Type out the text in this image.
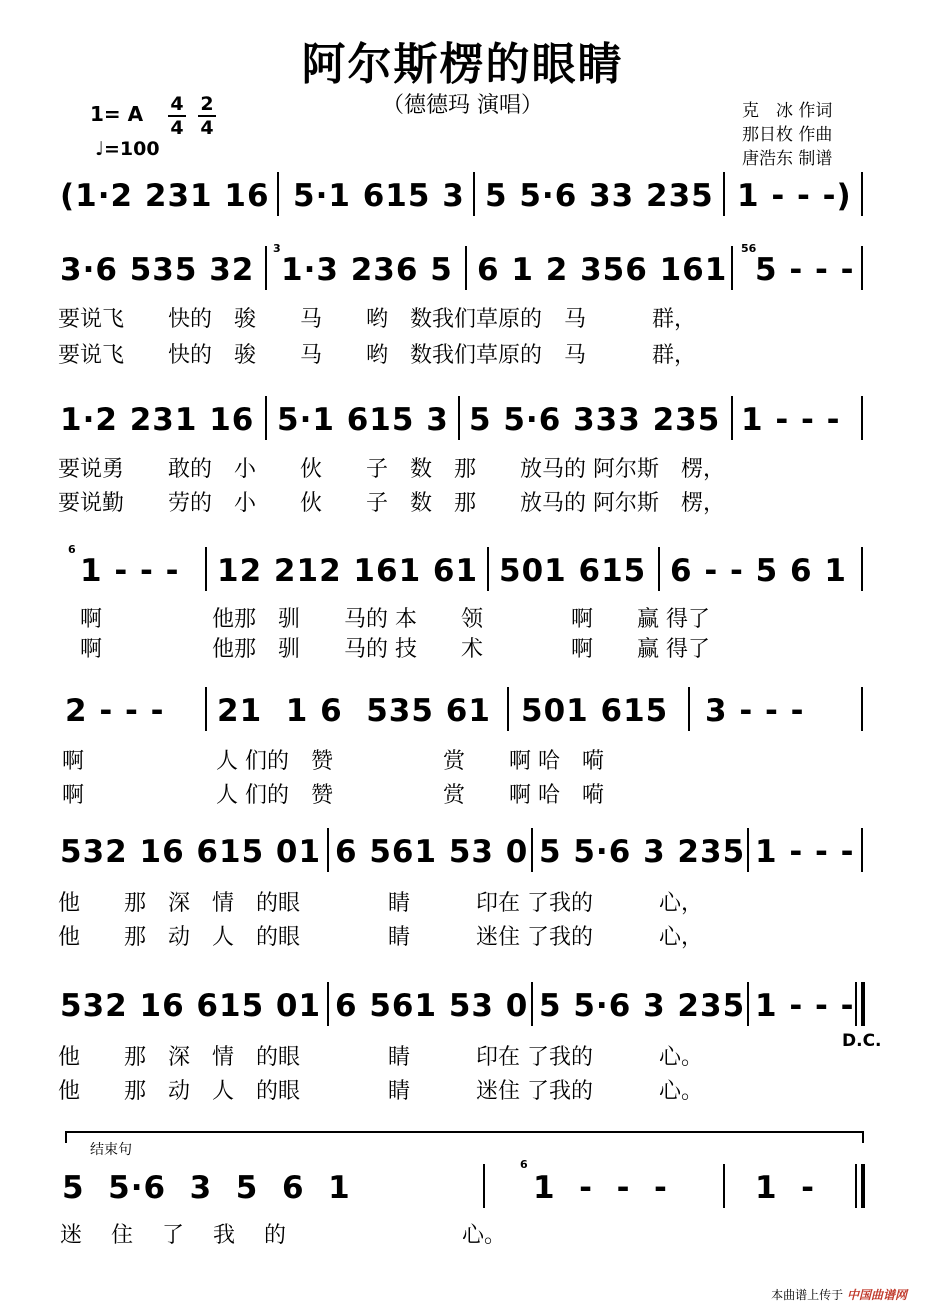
阿尔斯楞的眼睛
（德德玛 演唱）
1= A 4
4
2
4
♩=100
克　冰 作词
那日枚 作曲
唐浩东 制谱
(1·2 231 16 5·1 615 3 5 5·6 33 235 1 - - -)
3·6 535 32
3
1·3 236 5 6 1 2 356 161
56
5 - - -
要说飞　　快的　骏　　马　　哟　数我们草原的　马　　　群，
要说飞　　快的　骏　　马　　哟　数我们草原的　马　　　群，
1·2 231 16 5·1 615 3 5 5·6 333 235 1 - - -
要说勇　　敢的　小　　伙　　子　数　那　　放马的 阿尔斯　楞，
要说勤　　劳的　小　　伙　　子　数　那　　放马的 阿尔斯　楞，
6
1 - - - 12 212 161 61 501 615 6 - - 5 6 1
啊　　　　　他那　驯　　马的 本　　领　　　　啊　　赢 得了
啊　　　　　他那　驯　　马的 技　　术　　　　啊　　赢 得了
2 - - - 21  1 6  535 61 501 615 3 - - -
啊　　　　　　人 们的　赞　　　　　赏　　啊 哈　嗬
啊　　　　　　人 们的　赞　　　　　赏　　啊 哈　嗬
532 16 615 01 6 561 53 0 5 5·6 3 235 1 - - -
他　　那　深　情　的眼　　　　睛　　　印在 了我的　　　心，
他　　那　动　人　的眼　　　　睛　　　迷住 了我的　　　心，
532 16 615 01 6 561 53 0 5 5·6 3 235 1 - - -
他　　那　深　情　的眼　　　　睛　　　印在 了我的　　　心。
他　　那　动　人　的眼　　　　睛　　　迷住 了我的　　　心。
D.C.
结束句
5  5·6  3  5  6  1
6
1  -  -  -	1  -
迷　 住　 了　 我　 的　　　　　　　　心。
本曲谱上传于 中国曲谱网
